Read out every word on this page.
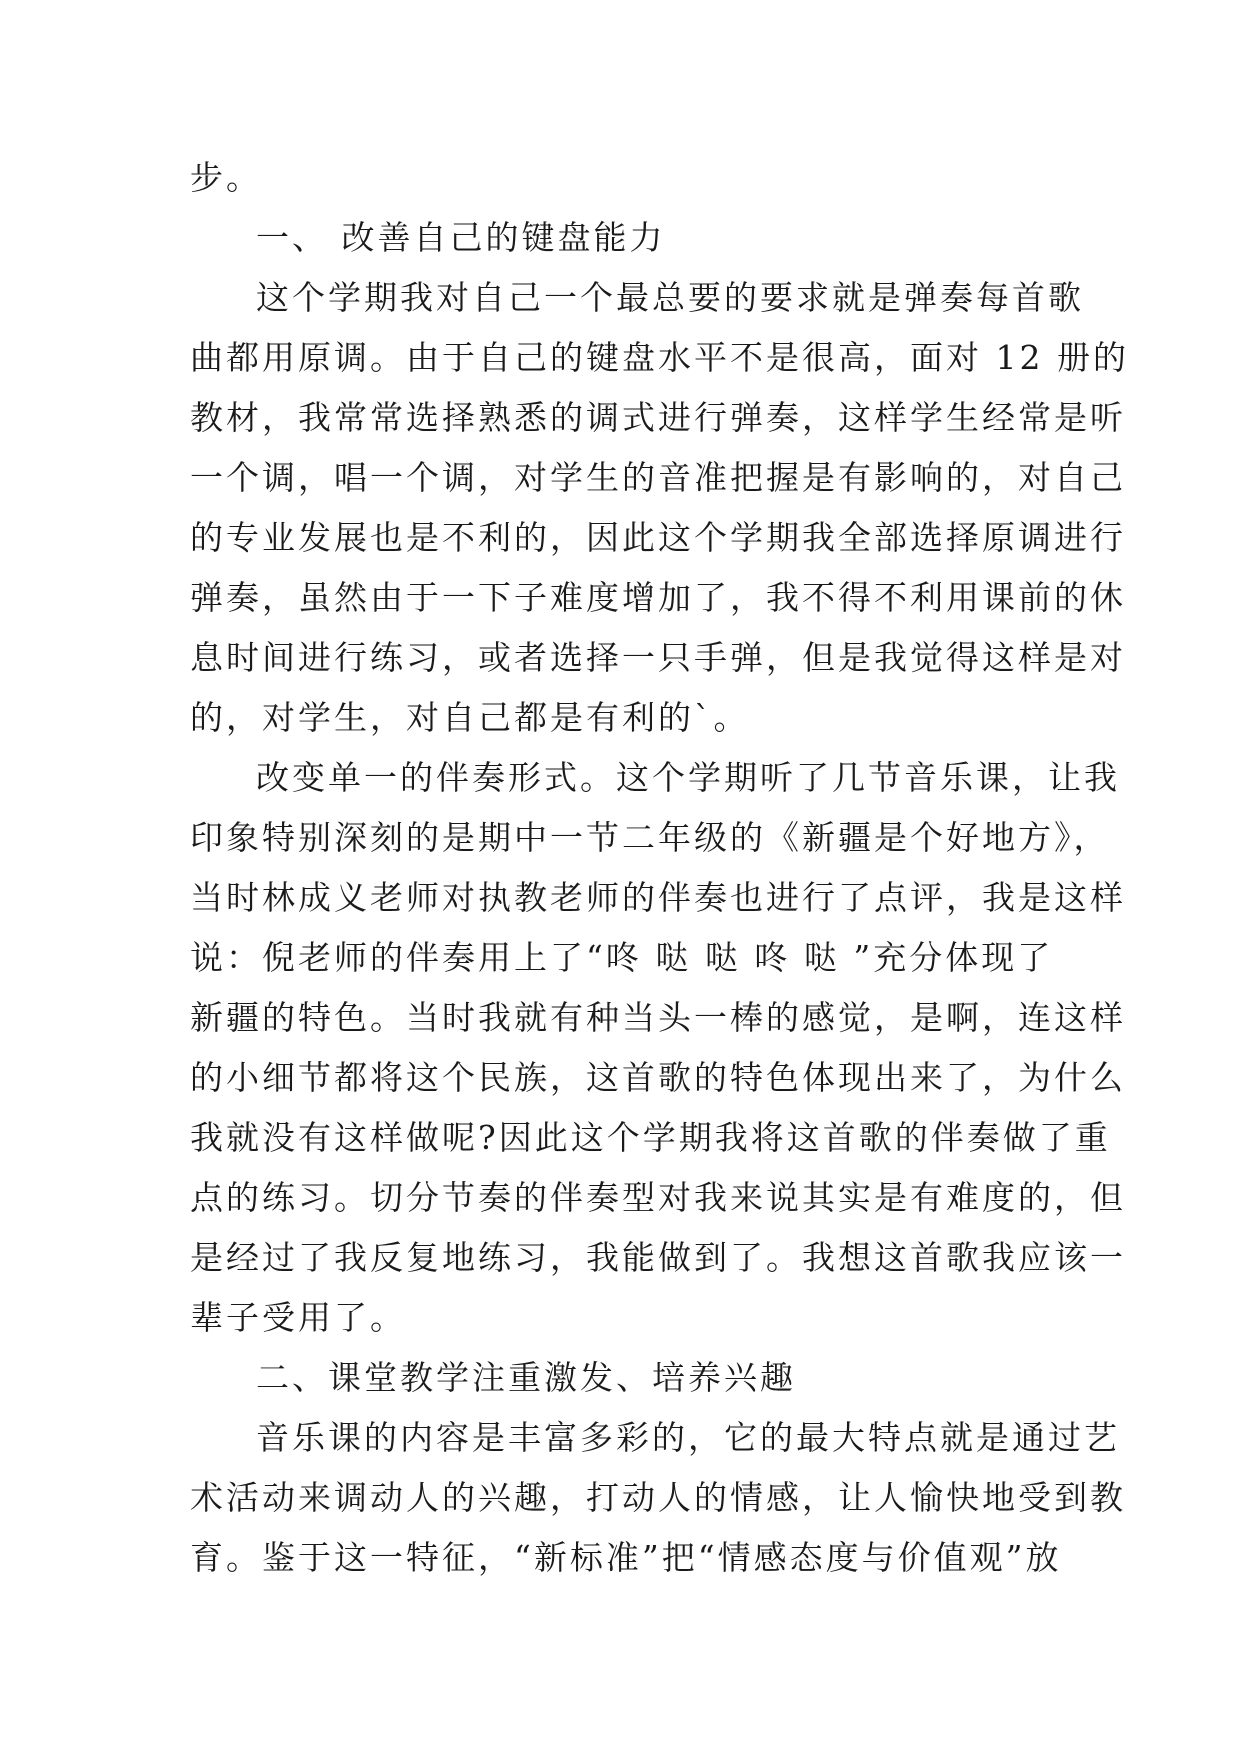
步。
一、 改善自己的键盘能力
这个学期我对自己一个最总要的要求就是弹奏每首歌
曲都用原调。由于自己的键盘水平不是很高，面对 12 册的
教材，我常常选择熟悉的调式进行弹奏，这样学生经常是听
一个调，唱一个调，对学生的音准把握是有影响的，对自己
的专业发展也是不利的，因此这个学期我全部选择原调进行
弹奏，虽然由于一下子难度增加了，我不得不利用课前的休
息时间进行练习，或者选择一只手弹，但是我觉得这样是对
的，对学生，对自己都是有利的`。
改变单一的伴奏形式。这个学期听了几节音乐课，让我
印象特别深刻的是期中一节二年级的《新疆是个好地方》，
当时林成义老师对执教老师的伴奏也进行了点评，我是这样
说：倪老师的伴奏用上了“咚 哒 哒 咚 哒 ”充分体现了
新疆的特色。当时我就有种当头一棒的感觉，是啊，连这样
的小细节都将这个民族，这首歌的特色体现出来了，为什么
我就没有这样做呢?因此这个学期我将这首歌的伴奏做了重
点的练习。切分节奏的伴奏型对我来说其实是有难度的，但
是经过了我反复地练习，我能做到了。我想这首歌我应该一
辈子受用了。
二、课堂教学注重激发、培养兴趣
音乐课的内容是丰富多彩的，它的最大特点就是通过艺
术活动来调动人的兴趣，打动人的情感，让人愉快地受到教
育。鉴于这一特征，“新标准”把“情感态度与价值观”放
